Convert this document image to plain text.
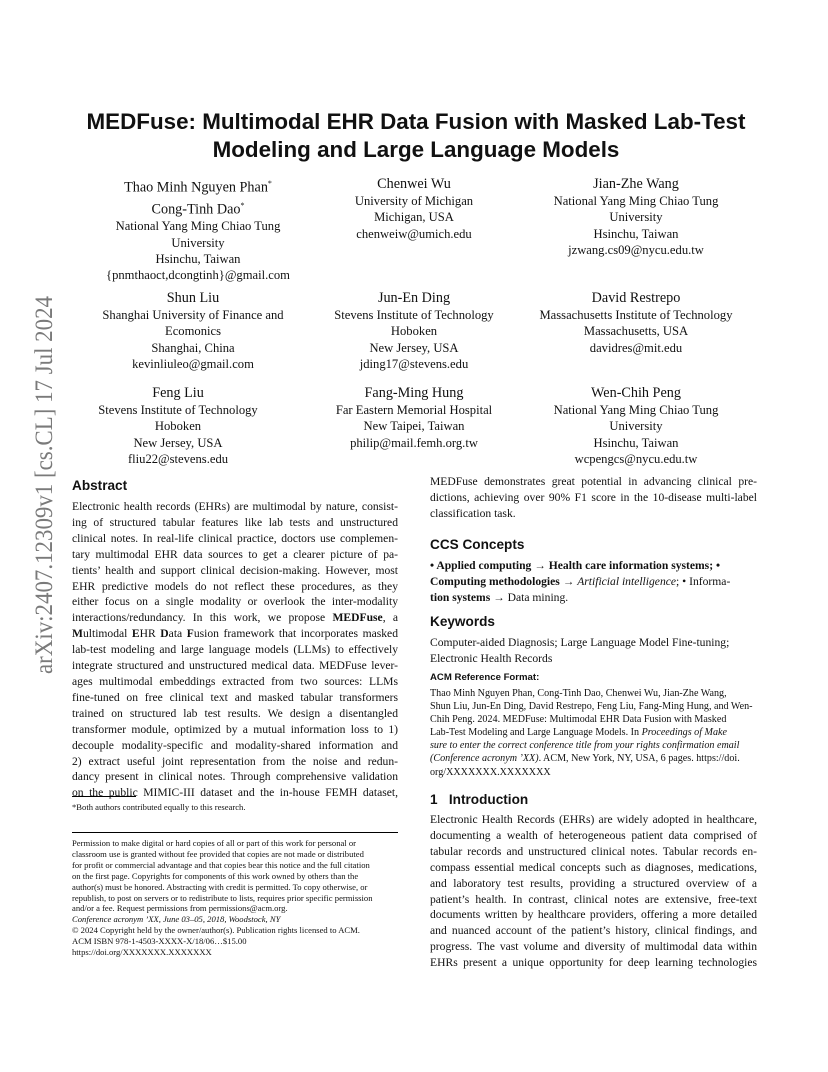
arXiv:2407.12309v1 [cs.CL] 17 Jul 2024
MEDFuse: Multimodal EHR Data Fusion with Masked Lab-Test
Modeling and Large Language Models
Thao Minh Nguyen Phan*
Cong-Tinh Dao*
National Yang Ming Chiao Tung
University
Hsinchu, Taiwan
{pnmthaoct,dcongtinh}@gmail.com
Chenwei Wu
University of Michigan
Michigan, USA
chenweiw@umich.edu
Jian-Zhe Wang
National Yang Ming Chiao Tung
University
Hsinchu, Taiwan
jzwang.cs09@nycu.edu.tw
Shun Liu
Shanghai University of Finance and
Ecomonics
Shanghai, China
kevinliuleo@gmail.com
Jun-En Ding
Stevens Institute of Technology
Hoboken
New Jersey, USA
jding17@stevens.edu
David Restrepo
Massachusetts Institute of Technology
Massachusetts, USA
davidres@mit.edu
Feng Liu
Stevens Institute of Technology
Hoboken
New Jersey, USA
fliu22@stevens.edu
Fang-Ming Hung
Far Eastern Memorial Hospital
New Taipei, Taiwan
philip@mail.femh.org.tw
Wen-Chih Peng
National Yang Ming Chiao Tung
University
Hsinchu, Taiwan
wcpengcs@nycu.edu.tw

Abstract

Electronic health records (EHRs) are multimodal by nature, consist-
ing of structured tabular features like lab tests and unstructured
clinical notes. In real-life clinical practice, doctors use complemen-
tary multimodal EHR data sources to get a clearer picture of pa-
tients’ health and support clinical decision-making. However, most
EHR predictive models do not reflect these procedures, as they
either focus on a single modality or overlook the inter-modality
interactions/redundancy. In this work, we propose MEDFuse, a
Multimodal EHR Data Fusion framework that incorporates masked
lab-test modeling and large language models (LLMs) to effectively
integrate structured and unstructured medical data. MEDFuse lever-
ages multimodal embeddings extracted from two sources: LLMs
fine-tuned on free clinical text and masked tabular transformers
trained on structured lab test results. We design a disentangled
transformer module, optimized by a mutual information loss to 1)
decouple modality-specific and modality-shared information and
2) extract useful joint representation from the noise and redun-
dancy present in clinical notes. Through comprehensive validation
on the public MIMIC-III dataset and the in-house FEMH dataset,
*Both authors contributed equally to this research.
Permission to make digital or hard copies of all or part of this work for personal or
classroom use is granted without fee provided that copies are not made or distributed
for profit or commercial advantage and that copies bear this notice and the full citation
on the first page. Copyrights for components of this work owned by others than the
author(s) must be honored. Abstracting with credit is permitted. To copy otherwise, or
republish, to post on servers or to redistribute to lists, requires prior specific permission
and/or a fee. Request permissions from permissions@acm.org.
Conference acronym ’XX, June 03–05, 2018, Woodstock, NY
© 2024 Copyright held by the owner/author(s). Publication rights licensed to ACM.
ACM ISBN 978-1-4503-XXXX-X/18/06…$15.00
https://doi.org/XXXXXXX.XXXXXXX
MEDFuse demonstrates great potential in advancing clinical pre-
dictions, achieving over 90% F1 score in the 10-disease multi-label
classification task.

CCS Concepts

• Applied computing → Health care information systems; •
Computing methodologies → Artificial intelligence; • Informa-
tion systems → Data mining.

Keywords

Computer-aided Diagnosis; Large Language Model Fine-tuning;
Electronic Health Records

ACM Reference Format:

Thao Minh Nguyen Phan, Cong-Tinh Dao, Chenwei Wu, Jian-Zhe Wang,
Shun Liu, Jun-En Ding, David Restrepo, Feng Liu, Fang-Ming Hung, and Wen-
Chih Peng. 2024. MEDFuse: Multimodal EHR Data Fusion with Masked
Lab-Test Modeling and Large Language Models. In Proceedings of Make
sure to enter the correct conference title from your rights confirmation email
(Conference acronym ’XX). ACM, New York, NY, USA, 6 pages. https://doi.
org/XXXXXXX.XXXXXXX

1 Introduction

Electronic Health Records (EHRs) are widely adopted in healthcare,
documenting a wealth of heterogeneous patient data comprised of
tabular records and unstructured clinical notes. Tabular records en-
compass essential medical concepts such as diagnoses, medications,
and laboratory test results, providing a structured overview of a
patient’s health. In contrast, clinical notes are extensive, free-text
documents written by healthcare providers, offering a more detailed
and nuanced account of the patient’s history, clinical findings, and
progress. The vast volume and diversity of multimodal data within
EHRs present a unique opportunity for deep learning technologies
